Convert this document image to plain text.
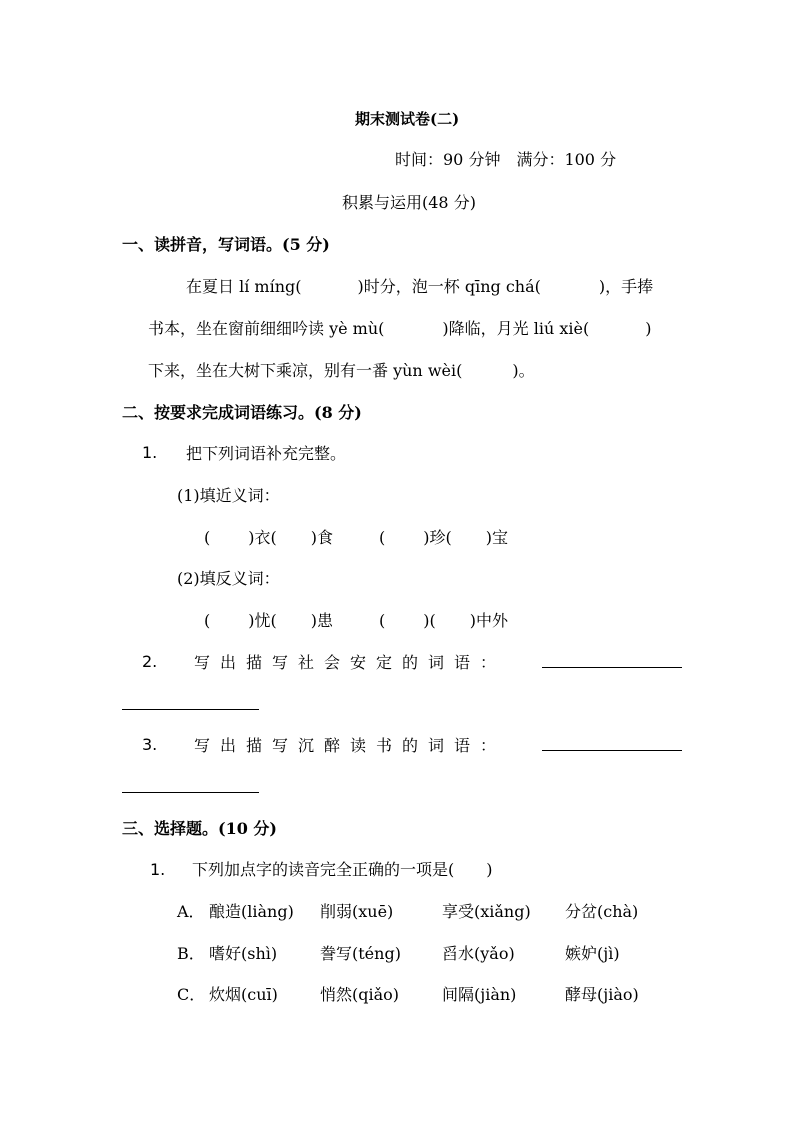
期末测试卷(二)
时间：90 分钟　满分：100 分
积累与运用(48 分)
一、读拼音，写词语。(5 分)
在夏日 lí míng(	)时分，泡一杯 qīng chá(	)，手捧
书本，坐在窗前细细吟读 yè mù(	)降临，月光 liú xiè(	)
下来，坐在大树下乘凉，别有一番 yùn wèi(	)。
二、按要求完成词语练习。(8 分)
1. 把下列词语补充完整。
(1)填近义词：
( )衣( )食	( )珍( )宝
(2)填反义词：
( )忧( )患	( )( )中外
2. 写出描写社会安定的词语：
3. 写出描写沉醉读书的词语：
三、选择题。(10 分)
1. 下列加点字的读音完全正确的一项是(　　)
A． 酿造(liàng) 削弱(xuē)	享受(xiǎng) 分岔(chà)
B． 嗜好(shì)	誊写(téng)	舀水(yǎo)	嫉妒(jì)
C． 炊烟(cuī)	悄然(qiǎo)	间隔(jiàn)	酵母(jiào)
